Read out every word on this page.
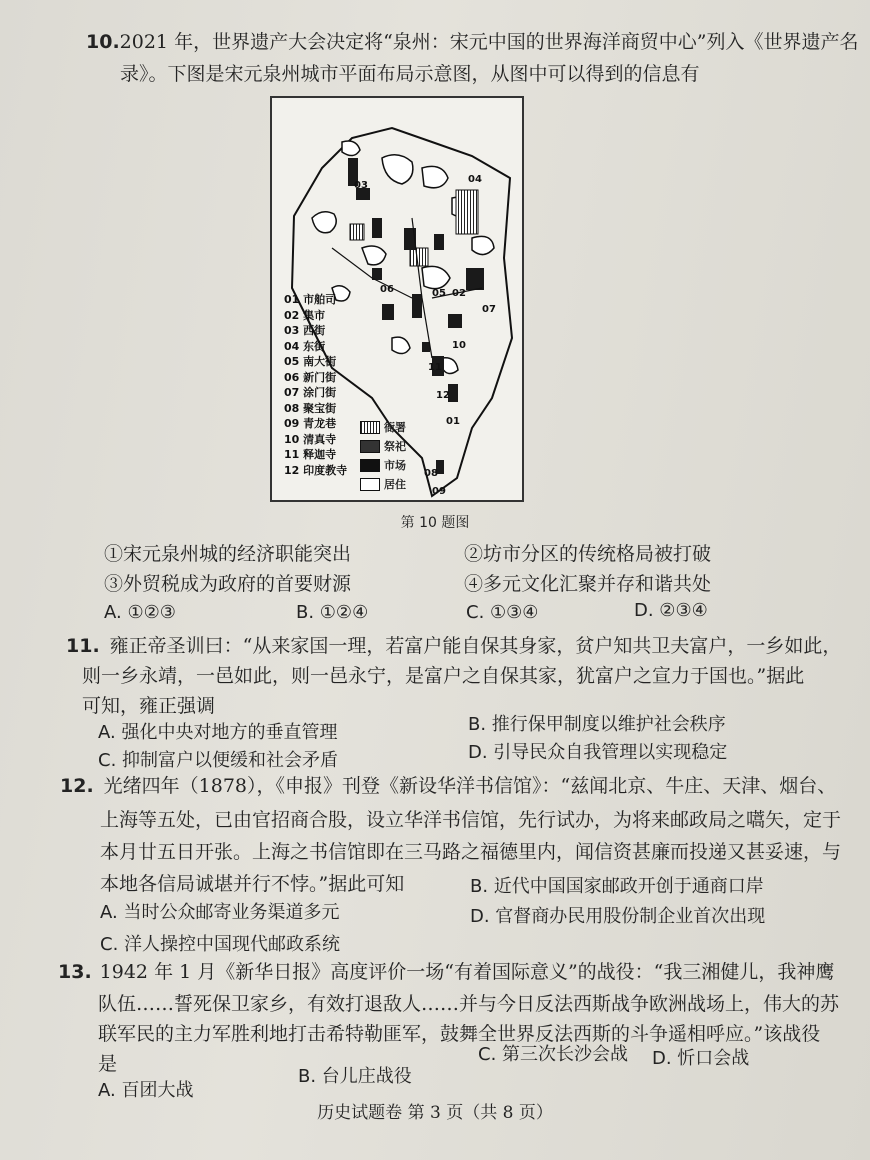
10.2021 年，世界遗产大会决定将“泉州：宋元中国的世界海洋商贸中心”列入《世界遗产名
录》。下图是宋元泉州城市平面布局示意图，从图中可以得到的信息有
03
04
05
06
07
02
10
11
12
01
08
09
01 市舶司
02 集市
03 西街
04 东街
05 南大街
06 新门街
07 涂门街
08 聚宝街
09 青龙巷
10 清真寺
11 释迦寺
12 印度教寺
衙署
祭祀
市场
居住
第 10 题图
①宋元泉州城的经济职能突出	②坊市分区的传统格局被打破
③外贸税成为政府的首要财源	④多元文化汇聚并存和谐共处
A. ①②③	B. ①②④	C. ①③④	D. ②③④
11. 雍正帝圣训曰：“从来家国一理，若富户能自保其身家，贫户知共卫夫富户，一乡如此，
则一乡永靖，一邑如此，则一邑永宁，是富户之自保其家，犹富户之宣力于国也。”据此
可知，雍正强调
A. 强化中央对地方的垂直管理	B. 推行保甲制度以维护社会秩序
C. 抑制富户以便缓和社会矛盾	D. 引导民众自我管理以实现稳定
12. 光绪四年（1878），《申报》刊登《新设华洋书信馆》：“兹闻北京、牛庄、天津、烟台、
上海等五处，已由官招商合股，设立华洋书信馆，先行试办，为将来邮政局之嚆矢，定于
本月廿五日开张。上海之书信馆即在三马路之福德里内，闻信资甚廉而投递又甚妥速，与
本地各信局诚堪并行不悖。”据此可知
A. 当时公众邮寄业务渠道多元
B. 近代中国国家邮政开创于通商口岸
C. 洋人操控中国现代邮政系统
D. 官督商办民用股份制企业首次出现
13. 1942 年 1 月《新华日报》高度评价一场“有着国际意义”的战役：“我三湘健儿，我神鹰
队伍……誓死保卫家乡，有效打退敌人……并与今日反法西斯战争欧洲战场上，伟大的苏
联军民的主力军胜利地打击希特勒匪军，鼓舞全世界反法西斯的斗争遥相呼应。”该战役
是
A. 百团大战
B. 台儿庄战役
C. 第三次长沙会战 D. 忻口会战
历史试题卷 第 3 页（共 8 页）
